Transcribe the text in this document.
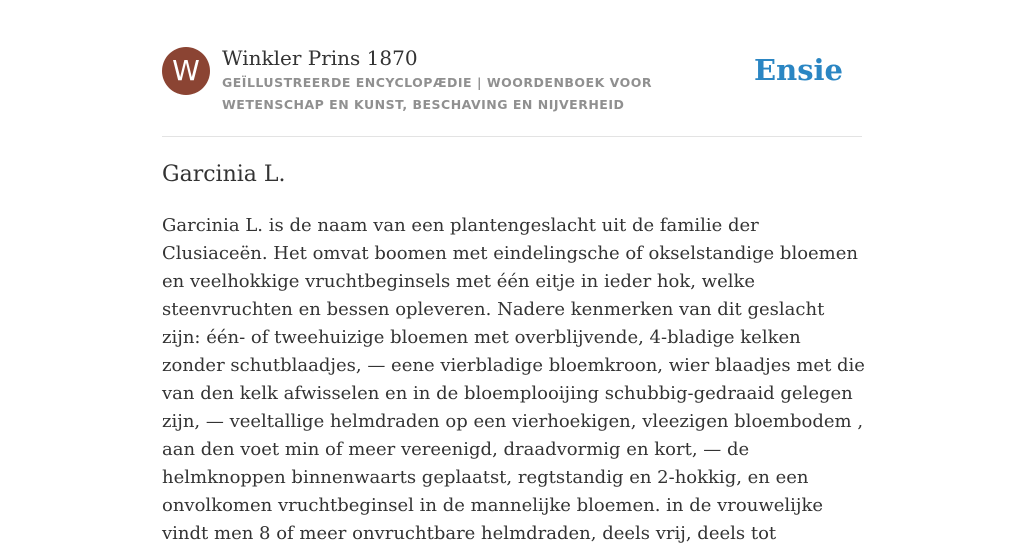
W	Winkler Prins 1870
GEÏLLUSTREERDE ENCYCLOPÆDIE | WOORDENBOEK VOOR WETENSCHAP EN KUNST, BESCHAVING EN NIJVERHEID
Ensie
Garcinia L.

Garcinia L. is de naam van een plantengeslacht uit de familie der Clusiaceën. Het omvat boomen met eindelingsche of okselstandige bloemen en veelhokkige vruchtbeginsels met één eitje in ieder hok, welke steenvruchten en bessen opleveren. Nadere kenmerken van dit geslacht zijn: één- of tweehuizige bloemen met overblijvende, 4-bladige kelken zonder schutblaadjes, — eene vierbladige bloemkroon, wier blaadjes met die van den kelk afwisselen en in de bloemplooijing schubbig-gedraaid gelegen zijn, — veeltallige helmdraden op een vierhoekigen, vleezigen bloembodem , aan den voet min of meer vereenigd, draadvormig en kort, — de helmknoppen binnenwaarts geplaatst, regtstandig en 2-hokkig, en een onvolkomen vruchtbeginsel in de mannelijke bloemen. in de vrouwelijke vindt men 8 of meer onvruchtbare helmdraden, deels vrij, deels tot
